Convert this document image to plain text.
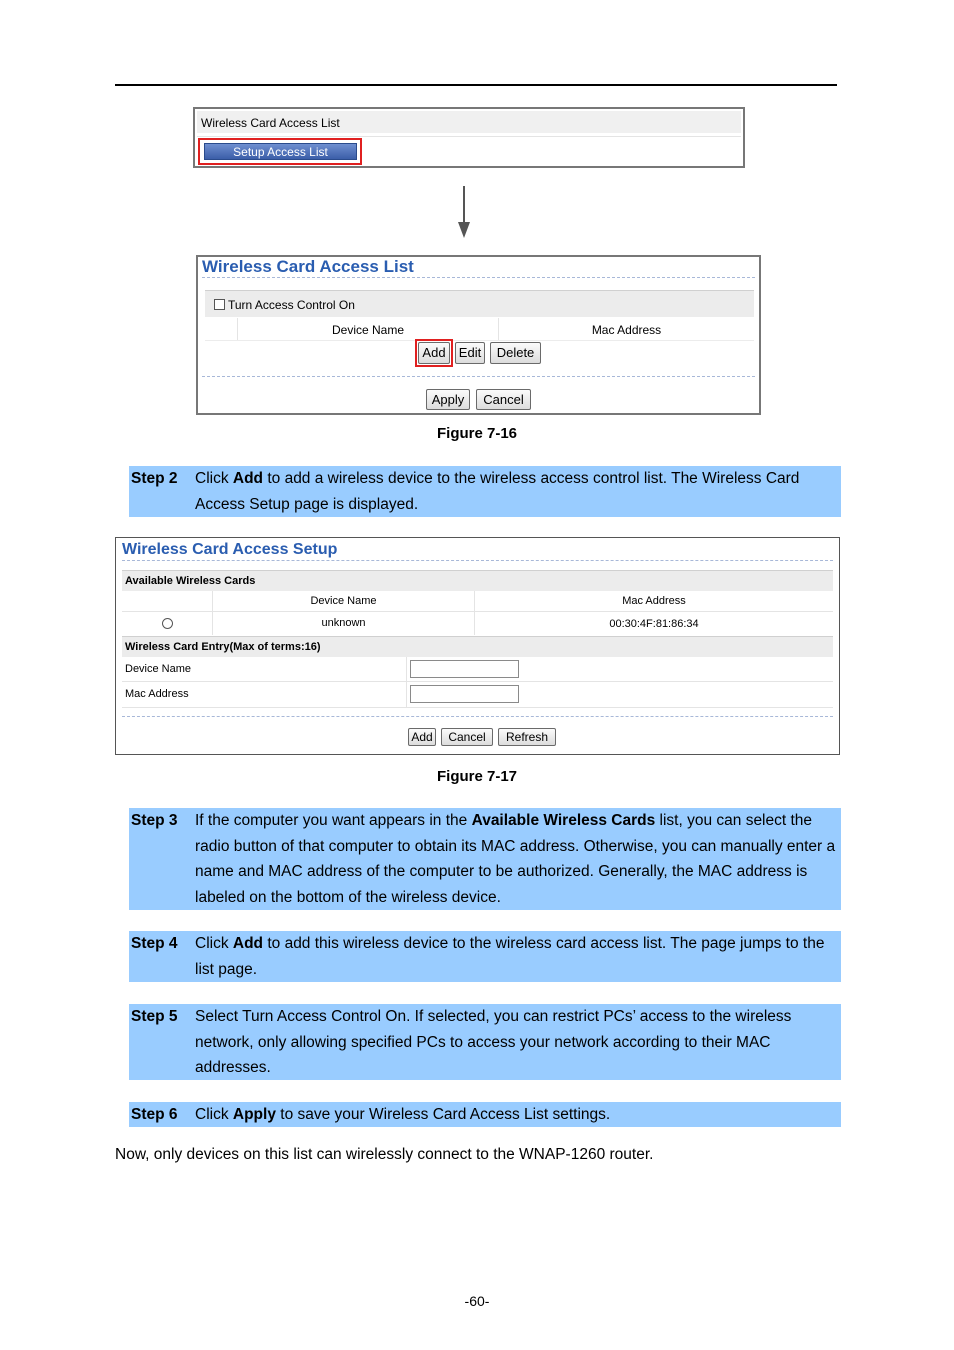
Wireless Card Access List
Setup Access List
Wireless Card Access List
Turn Access Control On
Device Name	Mac Address
Add	Edit	Delete
Apply	Cancel
Figure 7-16
Step 2 Click Add to add a wireless device to the wireless access control list. The Wireless Card Access Setup page is displayed.
Wireless Card Access Setup
Available Wireless Cards
Device Name	Mac Address
unknown	00:30:4F:81:86:34
Wireless Card Entry(Max of terms:16)
Device Name
Mac Address
Add	Cancel	Refresh
Figure 7-17
Step 3 If the computer you want appears in the Available Wireless Cards list, you can select the radio button of that computer to obtain its MAC address. Otherwise, you can manually enter a name and MAC address of the computer to be authorized. Generally, the MAC address is labeled on the bottom of the wireless device.
Step 4 Click Add to add this wireless device to the wireless card access list. The page jumps to the list page.
Step 5 Select Turn Access Control On. If selected, you can restrict PCs’ access to the wireless network, only allowing specified PCs to access your network according to their MAC addresses.
Step 6 Click Apply to save your Wireless Card Access List settings.
Now, only devices on this list can wirelessly connect to the WNAP-1260 router.
-60-
